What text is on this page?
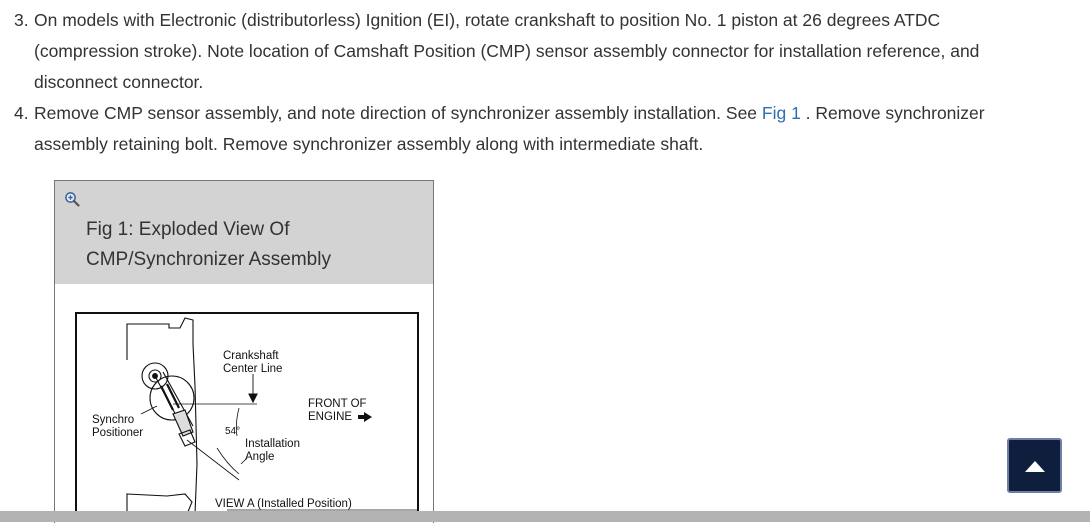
3. On models with Electronic (distributorless) Ignition (EI), rotate crankshaft to position No. 1 piston at 26 degrees ATDC
(compression stroke). Note location of Camshaft Position (CMP) sensor assembly connector for installation reference, and
disconnect connector.
4. Remove CMP sensor assembly, and note direction of synchronizer assembly installation. See Fig 1 . Remove synchronizer
assembly retaining bolt. Remove synchronizer assembly along with intermediate shaft.
Fig 1: Exploded View Of
CMP/Synchronizer Assembly
Crankshaft
Center Line
FRONT OF
ENGINE
Synchro
Positioner	54°
Installation
Angle
VIEW A (Installed Position)
